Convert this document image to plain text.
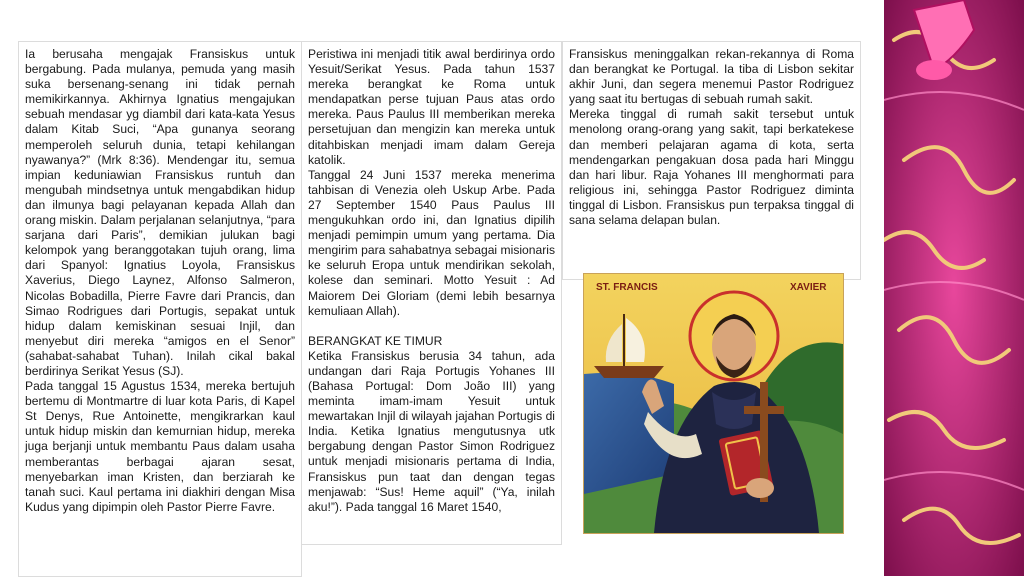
Ia berusaha mengajak Fransiskus untuk bergabung. Pada mulanya, pemuda yang masih suka bersenang-senang ini tidak pernah memikirkannya. Akhirnya Ignatius mengajukan sebuah mendasar yg diambil dari kata-kata Yesus dalam Kitab Suci, “Apa gunanya seorang memperoleh seluruh dunia, tetapi kehilangan nyawanya?” (Mrk 8:36). Mendengar itu, semua impian keduniawian Fransiskus runtuh dan mengubah mindsetnya untuk mengabdikan hidup dan ilmunya bagi pelayanan kepada Allah dan orang miskin. Dalam perjalanan selanjutnya, “para sarjana dari Paris”, demikian julukan bagi kelompok yang beranggotakan tujuh orang, lima dari Spanyol: Ignatius Loyola, Fransiskus Xaverius, Diego Laynez, Alfonso Salmeron, Nicolas Bobadilla, Pierre Favre dari Prancis, dan Simao Rodrigues dari Portugis, sepakat untuk hidup dalam kemiskinan sesuai Injil, dan menyebut diri mereka “amigos en el Senor” (sahabat-sahabat Tuhan). Inilah cikal bakal berdirinya Serikat Yesus (SJ).

Pada tanggal 15 Agustus 1534, mereka bertujuh bertemu di Montmartre di luar kota Paris, di Kapel St Denys, Rue Antoinette, mengikrarkan kaul untuk hidup miskin dan kemurnian hidup, mereka juga berjanji untuk membantu Paus dalam usaha memberantas berbagai ajaran sesat, menyebarkan iman Kristen, dan berziarah ke tanah suci. Kaul pertama ini diakhiri dengan Misa Kudus yang dipimpin oleh Pastor Pierre Favre.

Peristiwa ini menjadi titik awal berdirinya ordo Yesuit/Serikat Yesus. Pada tahun 1537 mereka berangkat ke Roma untuk mendapatkan perse tujuan Paus atas ordo mereka. Paus Paulus III memberikan mereka persetujuan dan mengizin kan mereka untuk ditahbiskan menjadi imam dalam Gereja katolik.

Tanggal 24 Juni 1537 mereka menerima tahbisan di Venezia oleh Uskup Arbe. Pada 27 September 1540 Paus Paulus III mengukuhkan ordo ini, dan Ignatius dipilih menjadi pemimpin umum yang pertama. Dia mengirim para sahabatnya sebagai misionaris ke seluruh Eropa untuk mendirikan sekolah, kolese dan seminari. Motto Yesuit : Ad Maiorem Dei Gloriam (demi lebih besarnya kemuliaan Allah).

BERANGKAT KE TIMUR

Ketika Fransiskus berusia 34 tahun, ada undangan dari Raja Portugis Yohanes III (Bahasa Portugal: Dom João III) yang meminta imam-imam Yesuit untuk mewartakan Injil di wilayah jajahan Portugis di India. Ketika Ignatius mengutusnya utk bergabung dengan Pastor Simon Rodriguez untuk menjadi misionaris pertama di India, Fransiskus pun taat dan dengan tegas menjawab: “Sus! Heme aquil” (“Ya, inilah aku!”). Pada tanggal 16 Maret 1540,

Fransiskus meninggalkan rekan-rekannya di Roma dan berangkat ke Portugal. Ia tiba di Lisbon sekitar akhir Juni, dan segera menemui Pastor Rodriguez yang saat itu bertugas di sebuah rumah sakit.

Mereka tinggal di rumah sakit tersebut untuk menolong orang-orang yang sakit, tapi berkatekese dan memberi pelajaran agama di kota, serta mendengarkan pengakuan dosa pada hari Minggu dan hari libur. Raja Yohanes III menghormati para religious ini, sehingga Pastor Rodriguez diminta tinggal di Lisbon. Fransiskus pun terpaksa tinggal di sana selama delapan bulan.

ST. FRANCIS	XAVIER
